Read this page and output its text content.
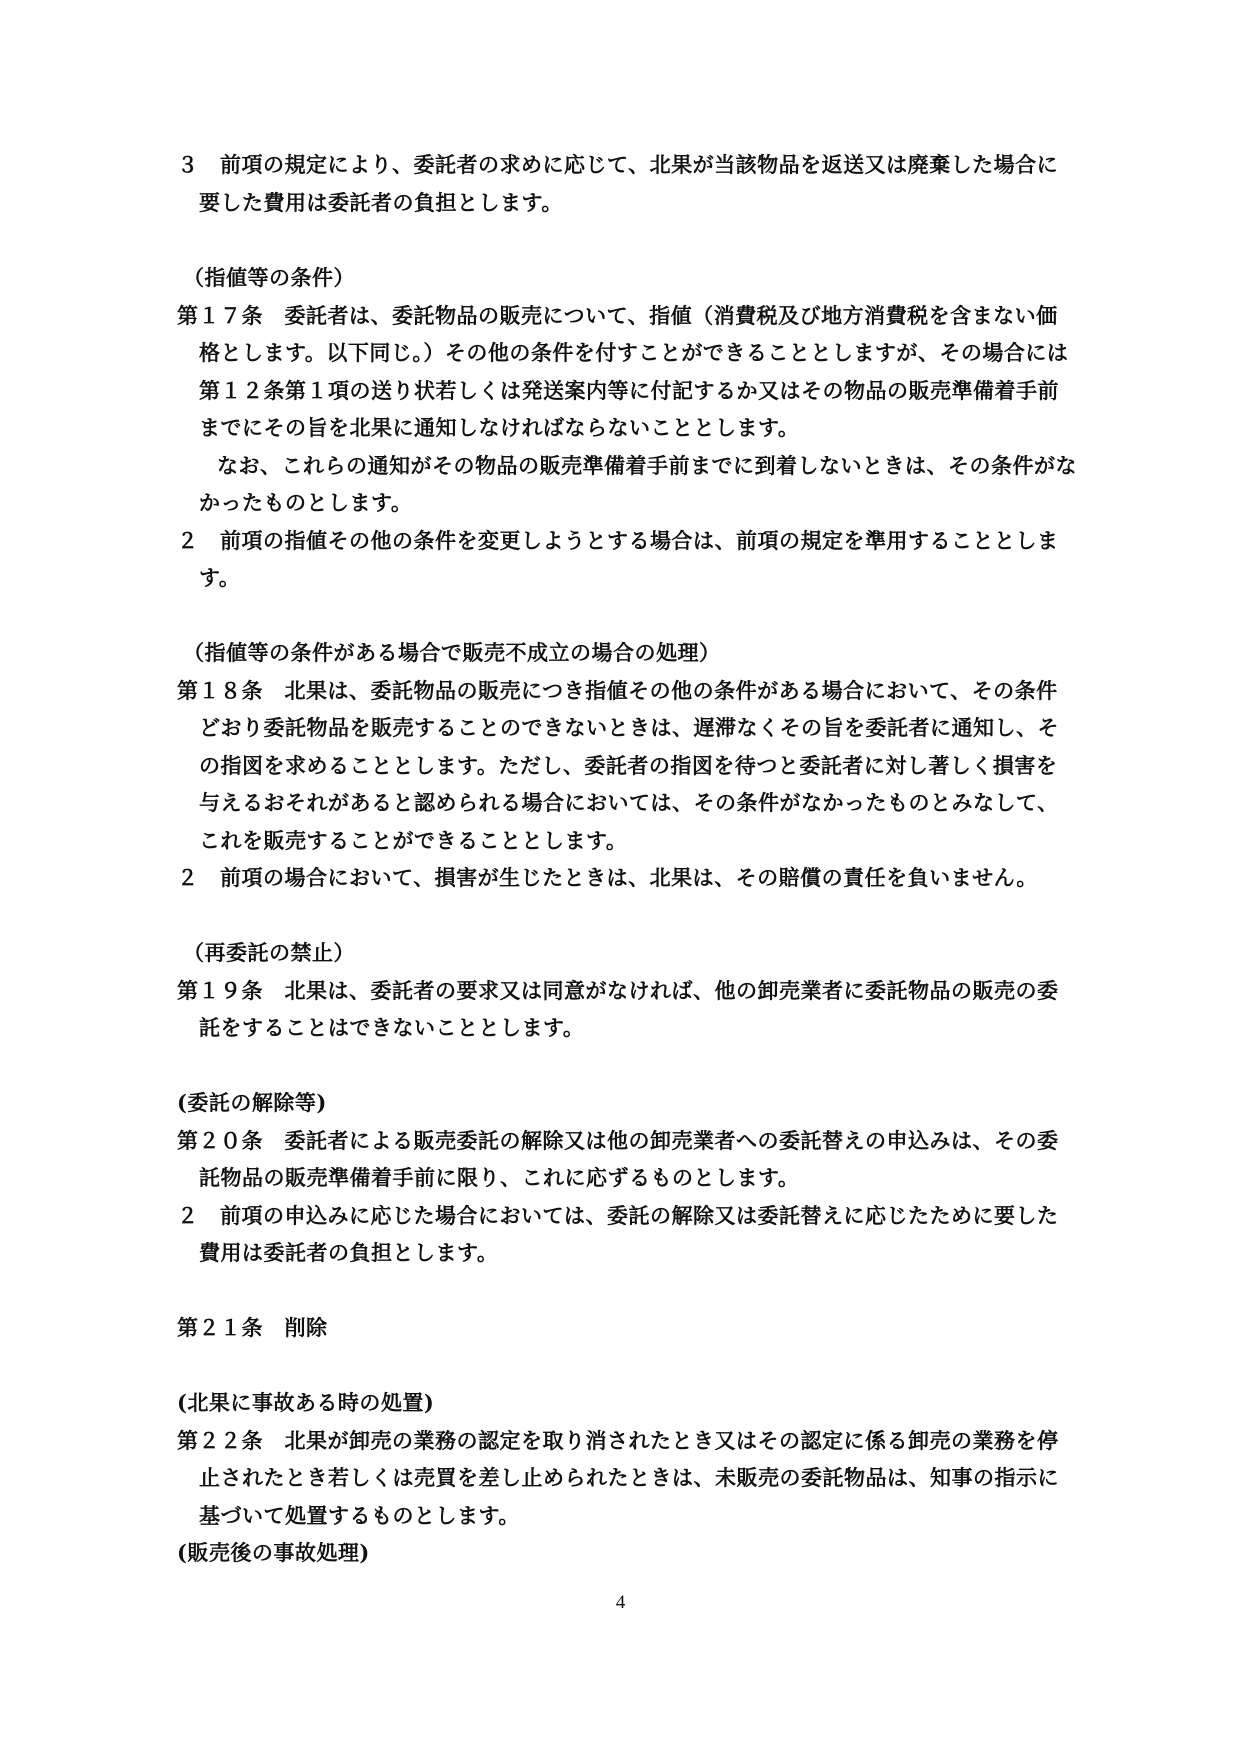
３　前項の規定により、委託者の求めに応じて、北果が当該物品を返送又は廃棄した場合に要した費用は委託者の負担とします。

（指値等の条件）

第１７条　委託者は、委託物品の販売について、指値（消費税及び地方消費税を含まない価格とします。以下同じ。）その他の条件を付すことができることとしますが、その場合には第１２条第１項の送り状若しくは発送案内等に付記するか又はその物品の販売準備着手前までにその旨を北果に通知しなければならないこととします。

なお、これらの通知がその物品の販売準備着手前までに到着しないときは、その条件がなかったものとします。

２　前項の指値その他の条件を変更しようとする場合は、前項の規定を準用することとします。

（指値等の条件がある場合で販売不成立の場合の処理）

第１８条　北果は、委託物品の販売につき指値その他の条件がある場合において、その条件どおり委託物品を販売することのできないときは、遅滞なくその旨を委託者に通知し、その指図を求めることとします。ただし、委託者の指図を待つと委託者に対し著しく損害を与えるおそれがあると認められる場合においては、その条件がなかったものとみなして、これを販売することができることとします。

２　前項の場合において、損害が生じたときは、北果は、その賠償の責任を負いません。

（再委託の禁止）

第１９条　北果は、委託者の要求又は同意がなければ、他の卸売業者に委託物品の販売の委託をすることはできないこととします。

(委託の解除等)

第２０条　委託者による販売委託の解除又は他の卸売業者への委託替えの申込みは、その委託物品の販売準備着手前に限り、これに応ずるものとします。

２　前項の申込みに応じた場合においては、委託の解除又は委託替えに応じたために要した費用は委託者の負担とします。

第２１条　削除

(北果に事故ある時の処置)

第２２条　北果が卸売の業務の認定を取り消されたとき又はその認定に係る卸売の業務を停止されたとき若しくは売買を差し止められたときは、未販売の委託物品は、知事の指示に基づいて処置するものとします。

(販売後の事故処理)

4
